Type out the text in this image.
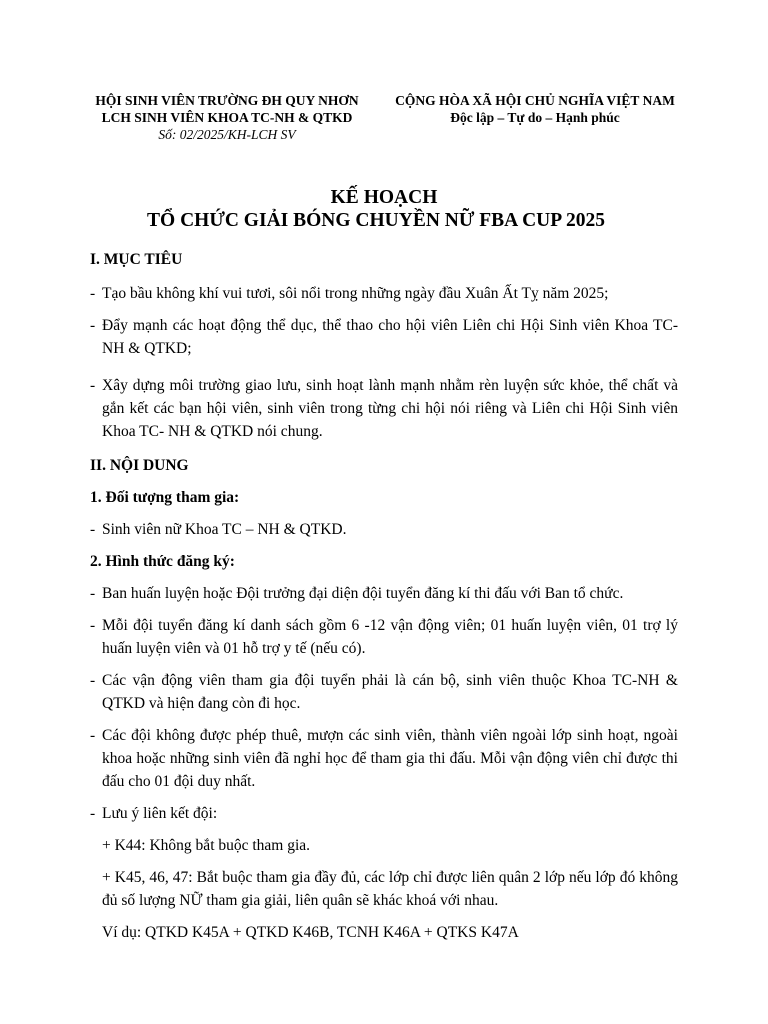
HỘI SINH VIÊN TRƯỜNG ĐH QUY NHƠN
LCH SINH VIÊN KHOA TC-NH & QTKD
Số: 02/2025/KH-LCH SV
CỘNG HÒA XÃ HỘI CHỦ NGHĨA VIỆT NAM
Độc lập – Tự do – Hạnh phúc
KẾ HOẠCH
TỔ CHỨC GIẢI BÓNG CHUYỀN NỮ FBA CUP 2025
I. MỤC TIÊU
- Tạo bầu không khí vui tươi, sôi nổi trong những ngày đầu Xuân Ất Tỵ năm 2025;
- Đẩy mạnh các hoạt động thể dục, thể thao cho hội viên Liên chi Hội Sinh viên Khoa TC- NH & QTKD;
- Xây dựng môi trường giao lưu, sinh hoạt lành mạnh nhằm rèn luyện sức khỏe, thể chất và gắn kết các bạn hội viên, sinh viên trong từng chi hội nói riêng và Liên chi Hội Sinh viên Khoa TC- NH & QTKD nói chung.
II. NỘI DUNG
1. Đối tượng tham gia:
- Sinh viên nữ Khoa TC – NH & QTKD.
2. Hình thức đăng ký:
- Ban huấn luyện hoặc Đội trưởng đại diện đội tuyển đăng kí thi đấu với Ban tổ chức.
- Mỗi đội tuyển đăng kí danh sách gồm 6 -12 vận động viên; 01 huấn luyện viên, 01 trợ lý huấn luyện viên và 01 hỗ trợ y tế (nếu có).
- Các vận động viên tham gia đội tuyển phải là cán bộ, sinh viên thuộc Khoa TC-NH & QTKD và hiện đang còn đi học.
- Các đội không được phép thuê, mượn các sinh viên, thành viên ngoài lớp sinh hoạt, ngoài khoa hoặc những sinh viên đã nghỉ học để tham gia thi đấu. Mỗi vận động viên chỉ được thi đấu cho 01 đội duy nhất.
- Lưu ý liên kết đội:
+ K44: Không bắt buộc tham gia.
+ K45, 46, 47: Bắt buộc tham gia đầy đủ, các lớp chỉ được liên quân 2 lớp nếu lớp đó không đủ số lượng NỮ tham gia giải, liên quân sẽ khác khoá với nhau.
Ví dụ: QTKD K45A + QTKD K46B, TCNH K46A + QTKS K47A
